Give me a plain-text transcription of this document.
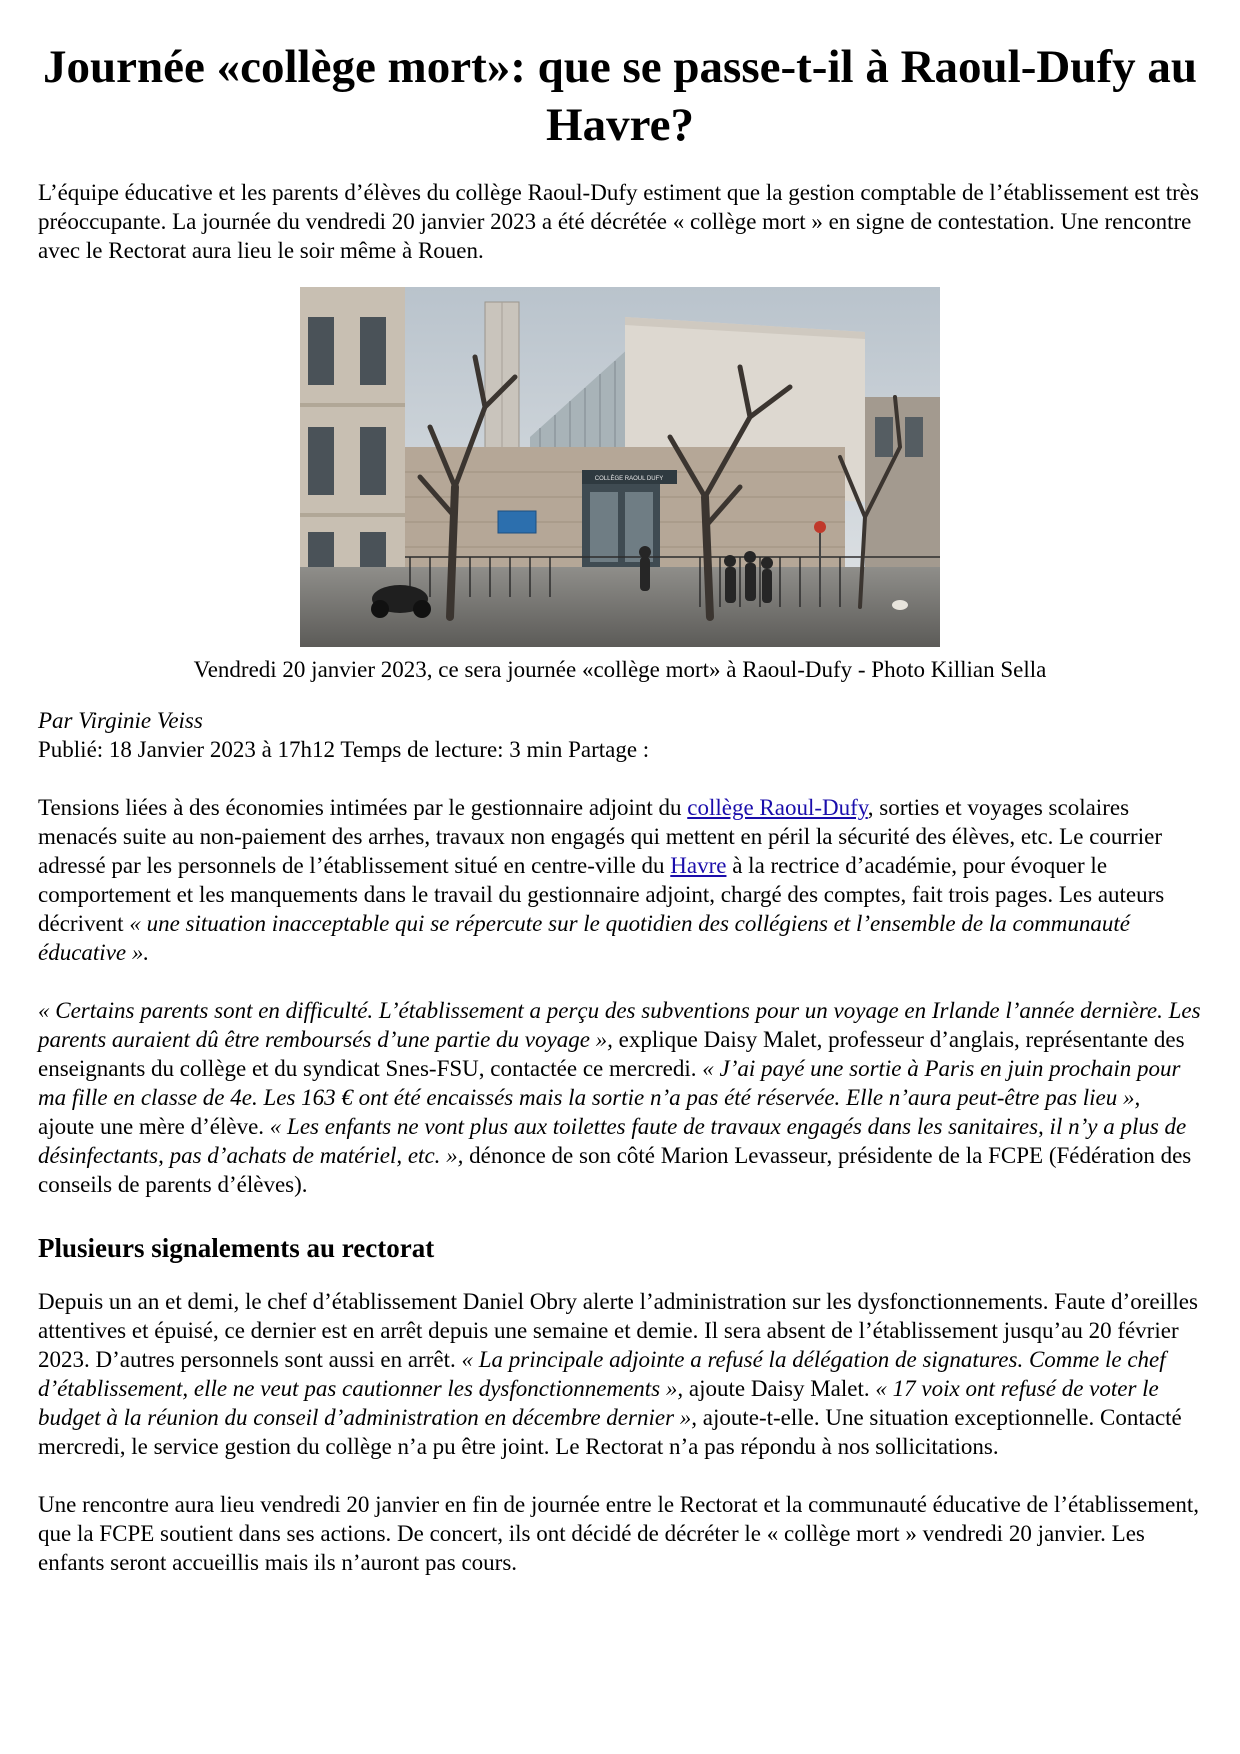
Journée «collège mort»: que se passe-t-il à Raoul-Dufy au Havre?

L’équipe éducative et les parents d’élèves du collège Raoul-Dufy estiment que la gestion comptable de l’établissement est très préoccupante. La journée du vendredi 20 janvier 2023 a été décrétée « collège mort » en signe de contestation. Une rencontre avec le Rectorat aura lieu le soir même à Rouen.

COLLÈGE RAOUL DUFY
Vendredi 20 janvier 2023, ce sera journée «collège mort» à Raoul-Dufy - Photo Killian Sella

Par Virginie Veiss

Publié: 18 Janvier 2023 à 17h12 Temps de lecture: 3 min Partage :

Tensions liées à des économies intimées par le gestionnaire adjoint du collège Raoul-Dufy, sorties et voyages scolaires menacés suite au non-paiement des arrhes, travaux non engagés qui mettent en péril la sécurité des élèves, etc. Le courrier adressé par les personnels de l’établissement situé en centre-ville du Havre à la rectrice d’académie, pour évoquer le comportement et les manquements dans le travail du gestionnaire adjoint, chargé des comptes, fait trois pages. Les auteurs décrivent « une situation inacceptable qui se répercute sur le quotidien des collégiens et l’ensemble de la communauté éducative ».

« Certains parents sont en difficulté. L’établissement a perçu des subventions pour un voyage en Irlande l’année dernière. Les parents auraient dû être remboursés d’une partie du voyage », explique Daisy Malet, professeur d’anglais, représentante des enseignants du collège et du syndicat Snes-FSU, contactée ce mercredi. « J’ai payé une sortie à Paris en juin prochain pour ma fille en classe de 4e. Les 163 € ont été encaissés mais la sortie n’a pas été réservée. Elle n’aura peut-être pas lieu », ajoute une mère d’élève. « Les enfants ne vont plus aux toilettes faute de travaux engagés dans les sanitaires, il n’y a plus de désinfectants, pas d’achats de matériel, etc. », dénonce de son côté Marion Levasseur, présidente de la FCPE (Fédération des conseils de parents d’élèves).

Plusieurs signalements au rectorat

Depuis un an et demi, le chef d’établissement Daniel Obry alerte l’administration sur les dysfonctionnements. Faute d’oreilles attentives et épuisé, ce dernier est en arrêt depuis une semaine et demie. Il sera absent de l’établissement jusqu’au 20 février 2023. D’autres personnels sont aussi en arrêt. « La principale adjointe a refusé la délégation de signatures. Comme le chef d’établissement, elle ne veut pas cautionner les dysfonctionnements », ajoute Daisy Malet. « 17 voix ont refusé de voter le budget à la réunion du conseil d’administration en décembre dernier », ajoute-t-elle. Une situation exceptionnelle. Contacté mercredi, le service gestion du collège n’a pu être joint. Le Rectorat n’a pas répondu à nos sollicitations.

Une rencontre aura lieu vendredi 20 janvier en fin de journée entre le Rectorat et la communauté éducative de l’établissement, que la FCPE soutient dans ses actions. De concert, ils ont décidé de décréter le « collège mort » vendredi 20 janvier. Les enfants seront accueillis mais ils n’auront pas cours.
